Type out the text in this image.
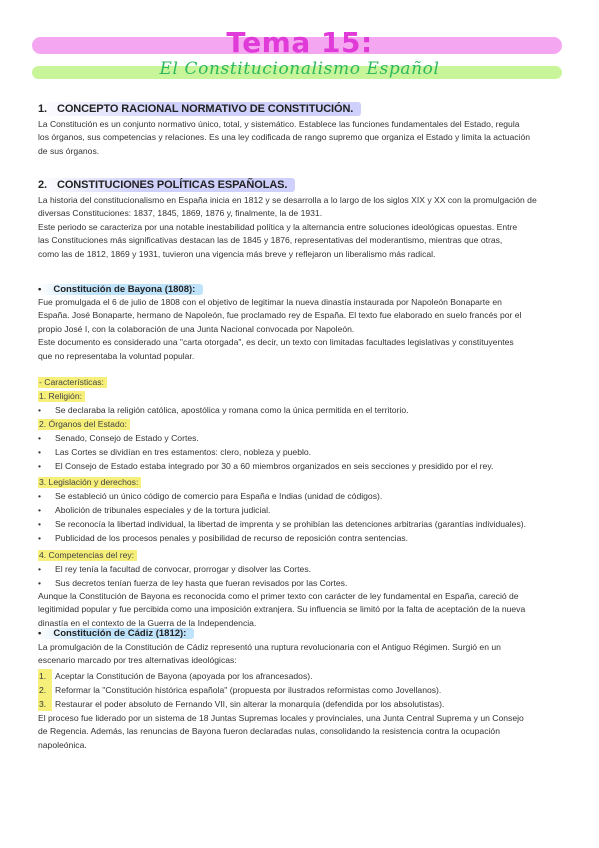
Tema 15:
El Constitucionalismo Español
1. CONCEPTO RACIONAL NORMATIVO DE CONSTITUCIÓN.
La Constitución es un conjunto normativo único, total, y sistemático. Establece las funciones fundamentales del Estado, regula
los órganos, sus competencias y relaciones. Es una ley codificada de rango supremo que organiza el Estado y limita la actuación
de sus órganos.
2. CONSTITUCIONES POLÍTICAS ESPAÑOLAS.
La historia del constitucionalismo en España inicia en 1812 y se desarrolla a lo largo de los siglos XIX y XX con la promulgación de
diversas Constituciones: 1837, 1845, 1869, 1876 y, finalmente, la de 1931.
Este periodo se caracteriza por una notable inestabilidad política y la alternancia entre soluciones ideológicas opuestas. Entre
las Constituciones más significativas destacan las de 1845 y 1876, representativas del moderantismo, mientras que otras,
como las de 1812, 1869 y 1931, tuvieron una vigencia más breve y reflejaron un liberalismo más radical.
• Constitución de Bayona (1808):
Fue promulgada el 6 de julio de 1808 con el objetivo de legitimar la nueva dinastía instaurada por Napoleón Bonaparte en
España. José Bonaparte, hermano de Napoleón, fue proclamado rey de España. El texto fue elaborado en suelo francés por el
propio José I, con la colaboración de una Junta Nacional convocada por Napoleón.
Este documento es considerado una "carta otorgada", es decir, un texto con limitadas facultades legislativas y constituyentes
que no representaba la voluntad popular.
- Características:
1. Religión:
•	Se declaraba la religión católica, apostólica y romana como la única permitida en el territorio.
2. Órganos del Estado:
•	Senado, Consejo de Estado y Cortes.
•	Las Cortes se dividían en tres estamentos: clero, nobleza y pueblo.
•	El Consejo de Estado estaba integrado por 30 a 60 miembros organizados en seis secciones y presidido por el rey.
3. Legislación y derechos:
•	Se estableció un único código de comercio para España e Indias (unidad de códigos).
•	Abolición de tribunales especiales y de la tortura judicial.
•	Se reconocía la libertad individual, la libertad de imprenta y se prohibían las detenciones arbitrarias (garantías individuales).
•	Publicidad de los procesos penales y posibilidad de recurso de reposición contra sentencias.
4. Competencias del rey:
•	El rey tenía la facultad de convocar, prorrogar y disolver las Cortes.
•	Sus decretos tenían fuerza de ley hasta que fueran revisados por las Cortes.
Aunque la Constitución de Bayona es reconocida como el primer texto con carácter de ley fundamental en España, careció de
legitimidad popular y fue percibida como una imposición extranjera. Su influencia se limitó por la falta de aceptación de la nueva
dinastía en el contexto de la Guerra de la Independencia.
• Constitución de Cádiz (1812):
La promulgación de la Constitución de Cádiz representó una ruptura revolucionaria con el Antiguo Régimen. Surgió en un
escenario marcado por tres alternativas ideológicas:
1.	Aceptar la Constitución de Bayona (apoyada por los afrancesados).
2.	Reformar la "Constitución histórica española" (propuesta por ilustrados reformistas como Jovellanos).
3.	Restaurar el poder absoluto de Fernando VII, sin alterar la monarquía (defendida por los absolutistas).
El proceso fue liderado por un sistema de 18 Juntas Supremas locales y provinciales, una Junta Central Suprema y un Consejo
de Regencia. Además, las renuncias de Bayona fueron declaradas nulas, consolidando la resistencia contra la ocupación
napoleónica.
